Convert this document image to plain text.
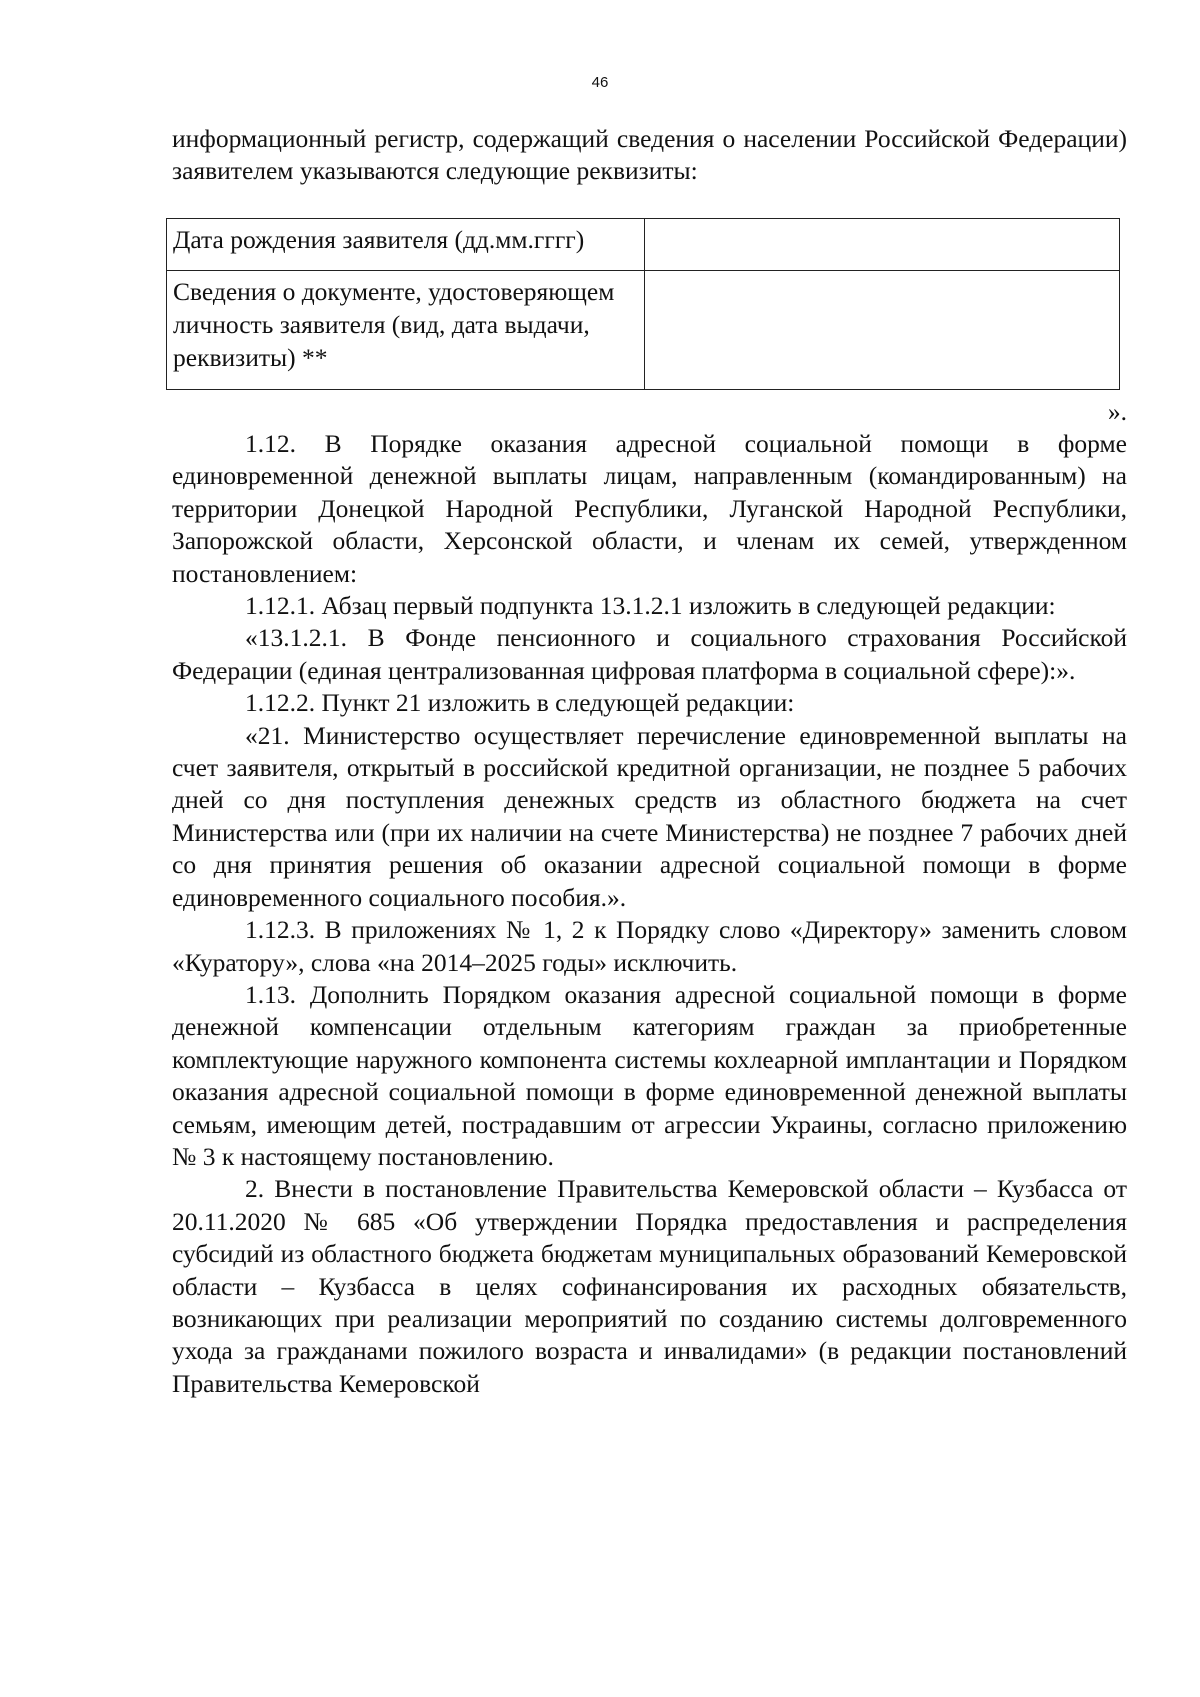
46

информационный регистр, содержащий сведения о населении Российской Федерации) заявителем указываются следующие реквизиты:

Дата рождения заявителя (дд.мм.гггг)	
Сведения о документе, удостоверяющем личность заявителя (вид, дата выдачи, реквизиты) **	
».

1.12. В Порядке оказания адресной социальной помощи в форме единовременной денежной выплаты лицам, направленным (командированным) на территории Донецкой Народной Республики, Луганской Народной Республики, Запорожской области, Херсонской области, и членам их семей, утвержденном постановлением:

1.12.1. Абзац первый подпункта 13.1.2.1 изложить в следующей редакции:

«13.1.2.1. В Фонде пенсионного и социального страхования Российской Федерации (единая централизованная цифровая платформа в социальной сфере):».

1.12.2. Пункт 21 изложить в следующей редакции:

«21. Министерство осуществляет перечисление единовременной выплаты на счет заявителя, открытый в российской кредитной организации, не позднее 5 рабочих дней со дня поступления денежных средств из областного бюджета на счет Министерства или (при их наличии на счете Министерства) не позднее 7 рабочих дней со дня принятия решения об оказании адресной социальной помощи в форме единовременного социального пособия.».

1.12.3. В приложениях № 1, 2 к Порядку слово «Директору» заменить словом «Куратору», слова «на 2014–2025 годы» исключить.

1.13. Дополнить Порядком оказания адресной социальной помощи в форме денежной компенсации отдельным категориям граждан за приобретенные комплектующие наружного компонента системы кохлеарной имплантации и Порядком оказания адресной социальной помощи в форме единовременной денежной выплаты семьям, имеющим детей, пострадавшим от агрессии Украины, согласно приложению № 3 к настоящему постановлению.

2. Внести в постановление Правительства Кемеровской области – Кузбасса от 20.11.2020 № 685 «Об утверждении Порядка предоставления и распределения субсидий из областного бюджета бюджетам муниципальных образований Кемеровской области – Кузбасса в целях софинансирования их расходных обязательств, возникающих при реализации мероприятий по созданию системы долговременного ухода за гражданами пожилого возраста и инвалидами» (в редакции постановлений Правительства Кемеровской
